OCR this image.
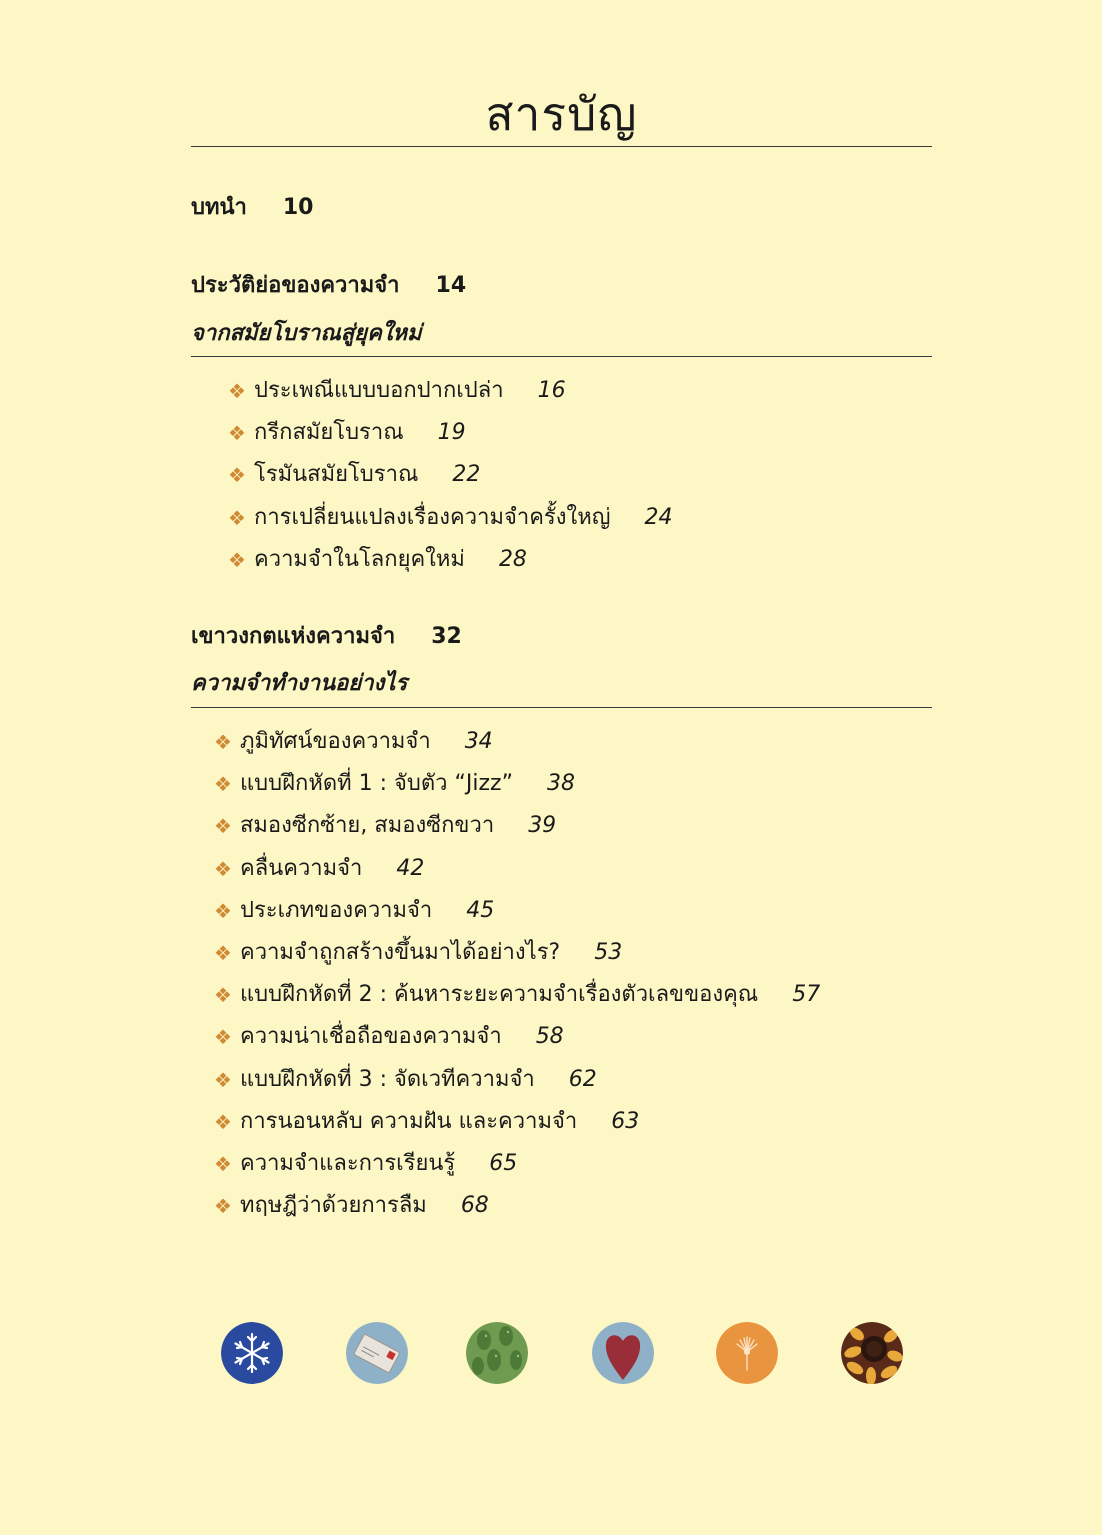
สารบัญ
บทนำ 10
ประวัติย่อของความจำ 14
จากสมัยโบราณสู่ยุคใหม่
❖ ประเพณีแบบบอกปากเปล่า 16
❖ กรีกสมัยโบราณ 19
❖ โรมันสมัยโบราณ 22
❖ การเปลี่ยนแปลงเรื่องความจำครั้งใหญ่ 24
❖ ความจำในโลกยุคใหม่ 28
เขาวงกตแห่งความจำ 32
ความจำทำงานอย่างไร
❖ ภูมิทัศน์ของความจำ 34
❖ แบบฝึกหัดที่ 1 : จับตัว “Jizz” 38
❖ สมองซีกซ้าย, สมองซีกขวา 39
❖ คลื่นความจำ 42
❖ ประเภทของความจำ 45
❖ ความจำถูกสร้างขึ้นมาได้อย่างไร? 53
❖ แบบฝึกหัดที่ 2 : ค้นหาระยะความจำเรื่องตัวเลขของคุณ 57
❖ ความน่าเชื่อถือของความจำ 58
❖ แบบฝึกหัดที่ 3 : จัดเวทีความจำ 62
❖ การนอนหลับ ความฝัน และความจำ 63
❖ ความจำและการเรียนรู้ 65
❖ ทฤษฎีว่าด้วยการลืม 68
